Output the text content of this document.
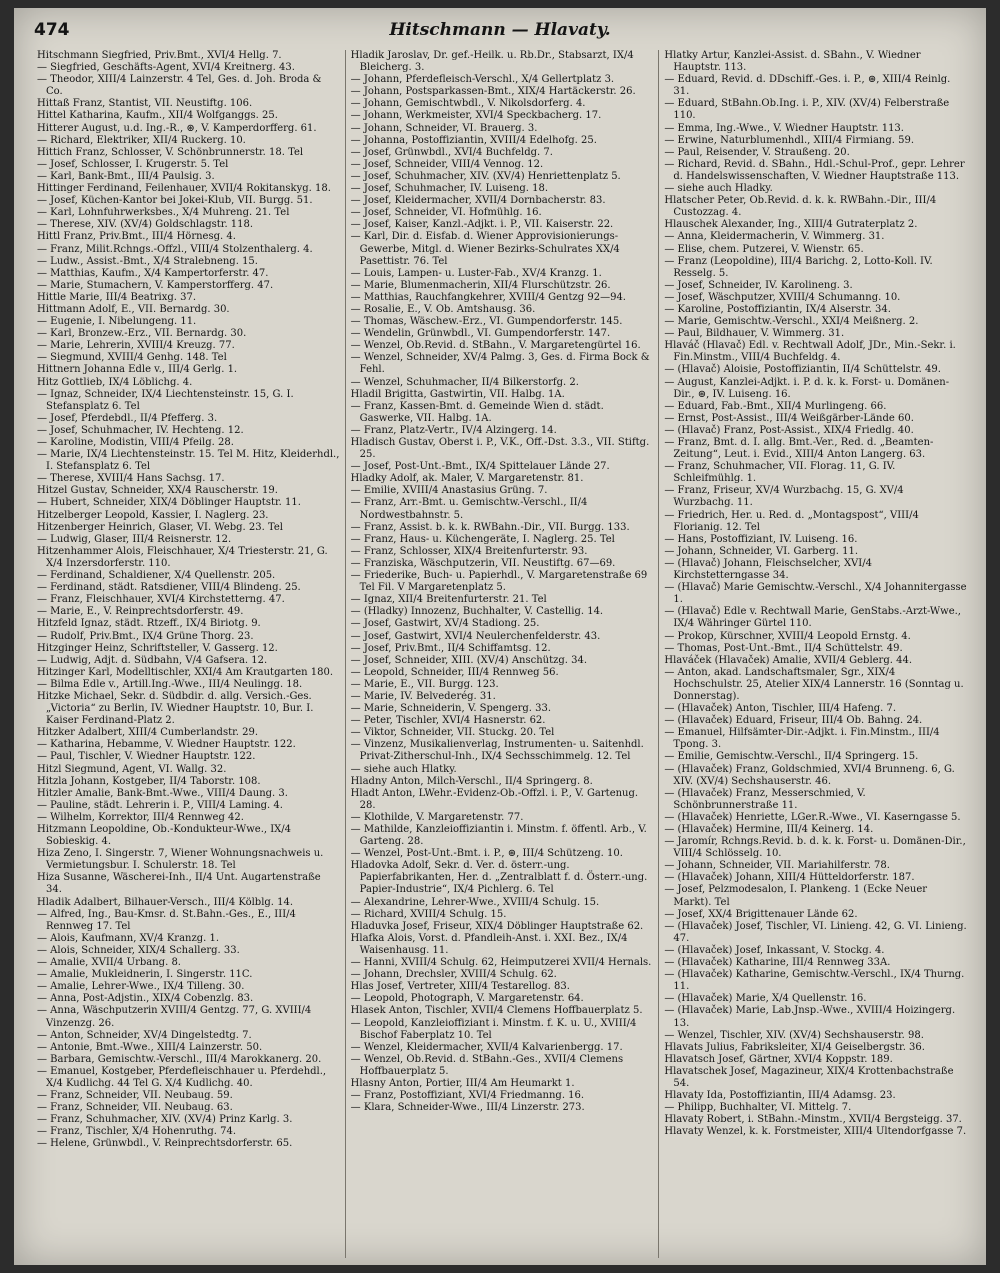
474	Hitschmann — Hlavaty.
Hitschmann Siegfried, Priv.Bmt., XVI/4 Hellg. 7.
— Siegfried, Geschäfts-Agent, XVI/4 Kreitnerg. 43.
— Theodor, XIII/4 Lainzerstr. 4 Tel, Ges. d. Joh. Broda & Co.
Hittaß Franz, Stantist, VII. Neustiftg. 106.
Hittel Katharina, Kaufm., XII/4 Wolfganggs. 25.
Hitterer August, u.d. Ing.-R., ⊛, V. Kamperdorfferg. 61.
— Richard, Elektriker, XII/4 Ruckerg. 10.
Hittich Franz, Schlosser, V. Schönbrunnerstr. 18. Tel
— Josef, Schlosser, I. Krugerstr. 5. Tel
— Karl, Bank-Bmt., III/4 Paulsig. 3.
Hittinger Ferdinand, Feilenhauer, XVII/4 Rokitanskyg. 18.
— Josef, Küchen-Kantor bei Jokei-Klub, VII. Burgg. 51.
— Karl, Lohnfuhrwerksbes., X/4 Muhreng. 21. Tel
— Therese, XIV. (XV/4) Goldschlagstr. 118.
Hittl Franz, Priv.Bmt., III/4 Hörnesg. 4.
— Franz, Milit.Rchngs.-Offzl., VIII/4 Stolzenthalerg. 4.
— Ludw., Assist.-Bmt., X/4 Stralebneng. 15.
— Matthias, Kaufm., X/4 Kampertorferstr. 47.
— Marie, Stumachern, V. Kamperstorfferg. 47.
Hittle Marie, III/4 Beatrixg. 37.
Hittmann Adolf, E., VII. Bernardg. 30.
— Eugenie, I. Nibelungeng. 11.
— Karl, Bronzew.-Erz., VII. Bernardg. 30.
— Marie, Lehrerin, XVIII/4 Kreuzg. 77.
— Siegmund, XVIII/4 Genhg. 148. Tel
Hittnern Johanna Edle v., III/4 Gerlg. 1.
Hitz Gottlieb, IX/4 Löblichg. 4.
— Ignaz, Schneider, IX/4 Liechtensteinstr. 15, G. I. Stefansplatz 6. Tel
— Josef, Pferdebdl., II/4 Pfefferg. 3.
— Josef, Schuhmacher, IV. Hechteng. 12.
— Karoline, Modistin, VIII/4 Pfeilg. 28.
— Marie, IX/4 Liechtensteinstr. 15. Tel M. Hitz, Kleiderhdl., I. Stefansplatz 6. Tel
— Therese, XVIII/4 Hans Sachsg. 17.
Hitzel Gustav, Schneider, XX/4 Rauscherstr. 19.
— Hubert, Schneider, XIX/4 Döblinger Hauptstr. 11.
Hitzelberger Leopold, Kassier, I. Naglerg. 23.
Hitzenberger Heinrich, Glaser, VI. Webg. 23. Tel
— Ludwig, Glaser, III/4 Reisnerstr. 12.
Hitzenhammer Alois, Fleischhauer, X/4 Triesterstr. 21, G. X/4 Inzersdorferstr. 110.
— Ferdinand, Schaldiener, X/4 Quellenstr. 205.
— Ferdinand, städt. Ratsdiener, VIII/4 Blindeng. 25.
— Franz, Fleischhauer, XVI/4 Kirchstetterng. 47.
— Marie, E., V. Reinprechtsdorferstr. 49.
Hitzfeld Ignaz, städt. Rtzeff., IX/4 Biriotg. 9.
— Rudolf, Priv.Bmt., IX/4 Grüne Thorg. 23.
Hitzginger Heinz, Schriftsteller, V. Gasserg. 12.
— Ludwig, Adjt. d. Südbahn, V/4 Gafsera. 12.
Hitzinger Karl, Modelltischler, XXI/4 Am Krautgarten 180.
— Bilma Edle v., Artill.Ing.-Wwe., III/4 Neulingg. 18.
Hitzke Michael, Sekr. d. Südbdir. d. allg. Versich.-Ges. „Victoria“ zu Berlin, IV. Wiedner Hauptstr. 10, Bur. I. Kaiser Ferdinand-Platz 2.
Hitzker Adalbert, XIII/4 Cumberlandstr. 29.
— Katharina, Hebamme, V. Wiedner Hauptstr. 122.
— Paul, Tischler, V. Wiedner Hauptstr. 122.
Hitzl Siegmund, Agent, VI. Wallg. 32.
Hitzla Johann, Kostgeber, II/4 Taborstr. 108.
Hitzler Amalie, Bank-Bmt.-Wwe., VIII/4 Daung. 3.
— Pauline, städt. Lehrerin i. P., VIII/4 Laming. 4.
— Wilhelm, Korrektor, III/4 Rennweg 42.
Hitzmann Leopoldine, Ob.-Kondukteur-Wwe., IX/4 Sobieskig. 4.
Hiza Zeno, I. Singerstr. 7, Wiener Wohnungsnachweis u. Vermietungsbur. I. Schulerstr. 18. Tel
Hiza Susanne, Wäscherei-Inh., II/4 Unt. Augartenstraße 34.
Hladik Adalbert, Bilhauer-Versch., III/4 Kölblg. 14.
— Alfred, Ing., Bau-Kmsr. d. St.Bahn.-Ges., E., III/4 Rennweg 17. Tel
— Alois, Kaufmann, XV/4 Kranzg. 1.
— Alois, Schneider, XIX/4 Schallerg. 33.
— Amalie, XVII/4 Urbang. 8.
— Amalie, Mukleidnerin, I. Singerstr. 11C.
— Amalie, Lehrer-Wwe., IX/4 Tilleng. 30.
— Anna, Post-Adjstin., XIX/4 Cobenzlg. 83.
— Anna, Wäschputzerin XVIII/4 Gentzg. 77, G. XVIII/4 Vinzenzg. 26.
— Anton, Schneider, XV/4 Dingelstedtg. 7.
— Antonie, Bmt.-Wwe., XIII/4 Lainzerstr. 50.
— Barbara, Gemischtw.-Verschl., III/4 Marokkanerg. 20.
— Emanuel, Kostgeber, Pferdefleischhauer u. Pferdehdl., X/4 Kudlichg. 44 Tel G. X/4 Kudlichg. 40.
— Franz, Schneider, VII. Neubaug. 59.
— Franz, Schneider, VII. Neubaug. 63.
— Franz, Schuhmacher, XIV. (XV/4) Prinz Karlg. 3.
— Franz, Tischler, X/4 Hohenruthg. 74.
— Helene, Grünwbdl., V. Reinprechtsdorferstr. 65.
Hladik Jaroslav, Dr. gef.-Heilk. u. Rb.Dr., Stabsarzt, IX/4 Bleicherg. 3.
— Johann, Pferdefleisch-Verschl., X/4 Gellertplatz 3.
— Johann, Postsparkassen-Bmt., XIX/4 Hartäckerstr. 26.
— Johann, Gemischtwbdl., V. Nikolsdorferg. 4.
— Johann, Werkmeister, XVI/4 Speckbacherg. 17.
— Johann, Schneider, VI. Brauerg. 3.
— Johanna, Postoffiziantin, XVIII/4 Edelhofg. 25.
— Josef, Grünwbdl., XVI/4 Buchfeldg. 7.
— Josef, Schneider, VIII/4 Vennog. 12.
— Josef, Schuhmacher, XIV. (XV/4) Henriettenplatz 5.
— Josef, Schuhmacher, IV. Luiseng. 18.
— Josef, Kleidermacher, XVII/4 Dornbacherstr. 83.
— Josef, Schneider, VI. Hofmühlg. 16.
— Josef, Kaiser, Kanzl.-Adjkt. i. P., VII. Kaiserstr. 22.
— Karl, Dir. d. Eisfab. d. Wiener Approvisionierungs-Gewerbe, Mitgl. d. Wiener Bezirks-Schulrates XX/4 Pasettistr. 76. Tel
— Louis, Lampen- u. Luster-Fab., XV/4 Kranzg. 1.
— Marie, Blumenmacherin, XII/4 Flurschützstr. 26.
— Matthias, Rauchfangkehrer, XVIII/4 Gentzg 92—94.
— Rosalie, E., V. Ob. Amtshausg. 36.
— Thomas, Wäschew.-Erz., VI. Gumpendorferstr. 145.
— Wendelin, Grünwbdl., VI. Gumpendorferstr. 147.
— Wenzel, Ob.Revid. d. StBahn., V. Margaretengürtel 16.
— Wenzel, Schneider, XV/4 Palmg. 3, Ges. d. Firma Bock & Fehl.
— Wenzel, Schuhmacher, II/4 Bilkerstorfg. 2.
Hladil Brigitta, Gastwirtin, VII. Halbg. 1A.
— Franz, Kassen-Bmt. d. Gemeinde Wien d. städt. Gaswerke, VII. Halbg. 1A.
— Franz, Platz-Vertr., IV/4 Alzingerg. 14.
Hladisch Gustav, Oberst i. P., V.K., Off.-Dst. 3.3., VII. Stiftg. 25.
— Josef, Post-Unt.-Bmt., IX/4 Spittelauer Lände 27.
Hladky Adolf, ak. Maler, V. Margaretenstr. 81.
— Emilie, XVIII/4 Anastasius Grüng. 7.
— Franz, Arr.-Bmt. u. Gemischtw.-Verschl., II/4 Nordwestbahnstr. 5.
— Franz, Assist. b. k. k. RWBahn.-Dir., VII. Burgg. 133.
— Franz, Haus- u. Küchengeräte, I. Naglerg. 25. Tel
— Franz, Schlosser, XIX/4 Breitenfurterstr. 93.
— Franziska, Wäschputzerin, VII. Neustiftg. 67—69.
— Friederike, Buch- u. Papierhdl., V. Margaretenstraße 69 Tel Fil. V Margaretenplatz 5.
— Ignaz, XII/4 Breitenfurterstr. 21. Tel
— (Hladky) Innozenz, Buchhalter, V. Castellig. 14.
— Josef, Gastwirt, XV/4 Stadiong. 25.
— Josef, Gastwirt, XVI/4 Neulerchenfelderstr. 43.
— Josef, Priv.Bmt., II/4 Schiffamtsg. 12.
— Josef, Schneider, XIII. (XV/4) Anschützg. 34.
— Leopold, Schneider, III/4 Rennweg 56.
— Marie, E., VII. Burgg. 123.
— Marie, IV. Belvederég. 31.
— Marie, Schneiderin, V. Spengerg. 33.
— Peter, Tischler, XVI/4 Hasnerstr. 62.
— Viktor, Schneider, VII. Stuckg. 20. Tel
— Vinzenz, Musikalienverlag, Instrumenten- u. Saitenhdl. Privat-Zitherschul-Inh., IX/4 Sechsschimmelg. 12. Tel
— siehe auch Hlatky.
Hladny Anton, Milch-Verschl., II/4 Springerg. 8.
Hladt Anton, LWehr.-Evidenz-Ob.-Offzl. i. P., V. Gartenug. 28.
— Klothilde, V. Margaretenstr. 77.
— Mathilde, Kanzleioffiziantin i. Minstm. f. öffentl. Arb., V. Garteng. 28.
— Wenzel, Post-Unt.-Bmt. i. P., ⊛, III/4 Schützeng. 10.
Hladovka Adolf, Sekr. d. Ver. d. österr.-ung. Papierfabrikanten, Her. d. „Zentralblatt f. d. Österr.-ung. Papier-Industrie“, IX/4 Pichlerg. 6. Tel
— Alexandrine, Lehrer-Wwe., XVIII/4 Schulg. 15.
— Richard, XVIII/4 Schulg. 15.
Hladuvka Josef, Friseur, XIX/4 Döblinger Hauptstraße 62.
Hlafka Alois, Vorst. d. Pfandleih-Anst. i. XXI. Bez., IX/4 Waisenhausg. 11.
— Hanni, XVIII/4 Schulg. 62, Heimputzerei XVII/4 Hernals.
— Johann, Drechsler, XVIII/4 Schulg. 62.
Hlas Josef, Vertreter, XIII/4 Testarellog. 83.
— Leopold, Photograph, V. Margaretenstr. 64.
Hlasek Anton, Tischler, XVII/4 Clemens Hoffbauerplatz 5.
— Leopold, Kanzleioffiziant i. Minstm. f. K. u. U., XVIII/4 Bischof Faberplatz 10. Tel
— Wenzel, Kleidermacher, XVII/4 Kalvarienbergg. 17.
— Wenzel, Ob.Revid. d. StBahn.-Ges., XVII/4 Clemens Hoffbauerplatz 5.
Hlasny Anton, Portier, III/4 Am Heumarkt 1.
— Franz, Postoffiziant, XVI/4 Friedmanng. 16.
— Klara, Schneider-Wwe., III/4 Linzerstr. 273.
Hlatky Artur, Kanzlei-Assist. d. SBahn., V. Wiedner Hauptstr. 113.
— Eduard, Revid. d. DDschiff.-Ges. i. P., ⊛, XIII/4 Reinlg. 31.
— Eduard, StBahn.Ob.Ing. i. P., XIV. (XV/4) Felberstraße 110.
— Emma, Ing.-Wwe., V. Wiedner Hauptstr. 113.
— Erwine, Naturblumenhdl., XIII/4 Firmiang. 59.
— Paul, Reisender, V. Straußeng. 20.
— Richard, Revid. d. SBahn., Hdl.-Schul-Prof., gepr. Lehrer d. Handelswissenschaften, V. Wiedner Hauptstraße 113.
— siehe auch Hladky.
Hlatscher Peter, Ob.Revid. d. k. k. RWBahn.-Dir., III/4 Custozzag. 4.
Hlauschek Alexander, Ing., XIII/4 Gutraterplatz 2.
— Anna, Kleidermacherin, V. Wimmerg. 31.
— Elise, chem. Putzerei, V. Wienstr. 65.
— Franz (Leopoldine), III/4 Barichg. 2, Lotto-Koll. IV. Resselg. 5.
— Josef, Schneider, IV. Karolineng. 3.
— Josef, Wäschputzer, XVIII/4 Schumanng. 10.
— Karoline, Postoffiziantin, IX/4 Alserstr. 34.
— Marie, Gemischtw.-Verschl., XXI/4 Meißnerg. 2.
— Paul, Bildhauer, V. Wimmerg. 31.
Hlaváč (Hlavač) Edl. v. Rechtwall Adolf, JDr., Min.-Sekr. i. Fin.Minstm., VIII/4 Buchfeldg. 4.
— (Hlavač) Aloisie, Postoffiziantin, II/4 Schüttelstr. 49.
— August, Kanzlei-Adjkt. i. P. d. k. k. Forst- u. Domänen-Dir., ⊛, IV. Luiseng. 16.
— Eduard, Fab.-Bmt., XII/4 Murlingeng. 66.
— Ernst, Post-Assist., III/4 Weißgärber-Lände 60.
— (Hlavač) Franz, Post-Assist., XIX/4 Friedlg. 40.
— Franz, Bmt. d. I. allg. Bmt.-Ver., Red. d. „Beamten-Zeitung“, Leut. i. Evid., XIII/4 Anton Langerg. 63.
— Franz, Schuhmacher, VII. Florag. 11, G. IV. Schleifmühlg. 1.
— Franz, Friseur, XV/4 Wurzbachg. 15, G. XV/4 Wurzbachg. 11.
— Friedrich, Her. u. Red. d. „Montagspost“, VIII/4 Florianig. 12. Tel
— Hans, Postoffiziant, IV. Luiseng. 16.
— Johann, Schneider, VI. Garberg. 11.
— (Hlavač) Johann, Fleischselcher, XVI/4 Kirchstetterngasse 34.
— (Hlavač) Marie Gemischtw.-Verschl., X/4 Johannitergasse 1.
— (Hlavač) Edle v. Rechtwall Marie, GenStabs.-Arzt-Wwe., IX/4 Währinger Gürtel 110.
— Prokop, Kürschner, XVIII/4 Leopold Ernstg. 4.
— Thomas, Post-Unt.-Bmt., II/4 Schüttelstr. 49.
Hlaváček (Hlavaček) Amalie, XVII/4 Geblerg. 44.
— Anton, akad. Landschaftsmaler, Sgr., XIX/4 Hochschulstr. 25, Atelier XIX/4 Lannerstr. 16 (Sonntag u. Donnerstag).
— (Hlavaček) Anton, Tischler, III/4 Hafeng. 7.
— (Hlavaček) Eduard, Friseur, III/4 Ob. Bahng. 24.
— Emanuel, Hilfsämter-Dir.-Adjkt. i. Fin.Minstm., III/4 Tpong. 3.
— Emilie, Gemischtw.-Verschl., II/4 Springerg. 15.
— (Hlavaček) Franz, Goldschmied, XVI/4 Brunneng. 6, G. XIV. (XV/4) Sechshauserstr. 46.
— (Hlavaček) Franz, Messerschmied, V. Schönbrunnerstraße 11.
— (Hlavaček) Henriette, LGer.R.-Wwe., VI. Kaserngasse 5.
— (Hlavaček) Hermine, III/4 Keinerg. 14.
— Jaromír, Rchngs.Revid. b. d. k. k. Forst- u. Domänen-Dir., VIII/4 Schlösselg. 10.
— Johann, Schneider, VII. Mariahilferstr. 78.
— (Hlavaček) Johann, XIII/4 Hütteldorferstr. 187.
— Josef, Pelzmodesalon, I. Plankeng. 1 (Ecke Neuer Markt). Tel
— Josef, XX/4 Brigittenauer Lände 62.
— (Hlavaček) Josef, Tischler, VI. Linieng. 42, G. VI. Linieng. 47.
— (Hlavaček) Josef, Inkassant, V. Stockg. 4.
— (Hlavaček) Katharine, III/4 Rennweg 33A.
— (Hlavaček) Katharine, Gemischtw.-Verschl., IX/4 Thurng. 11.
— (Hlavaček) Marie, X/4 Quellenstr. 16.
— (Hlavaček) Marie, Lab.Jnsp.-Wwe., XVIII/4 Hoizingerg. 13.
— Wenzel, Tischler, XIV. (XV/4) Sechshauserstr. 98.
Hlavats Julius, Fabriksleiter, XI/4 Geiselbergstr. 36.
Hlavatsch Josef, Gärtner, XVI/4 Koppstr. 189.
Hlavatschek Josef, Magazineur, XIX/4 Krottenbachstraße 54.
Hlavaty Ida, Postoffiziantin, III/4 Adamsg. 23.
— Philipp, Buchhalter, VI. Mittelg. 7.
Hlavaty Robert, i. StBahn.-Minstm., XVII/4 Bergsteigg. 37.
Hlavaty Wenzel, k. k. Forstmeister, XIII/4 Ultendorfgasse 7.
